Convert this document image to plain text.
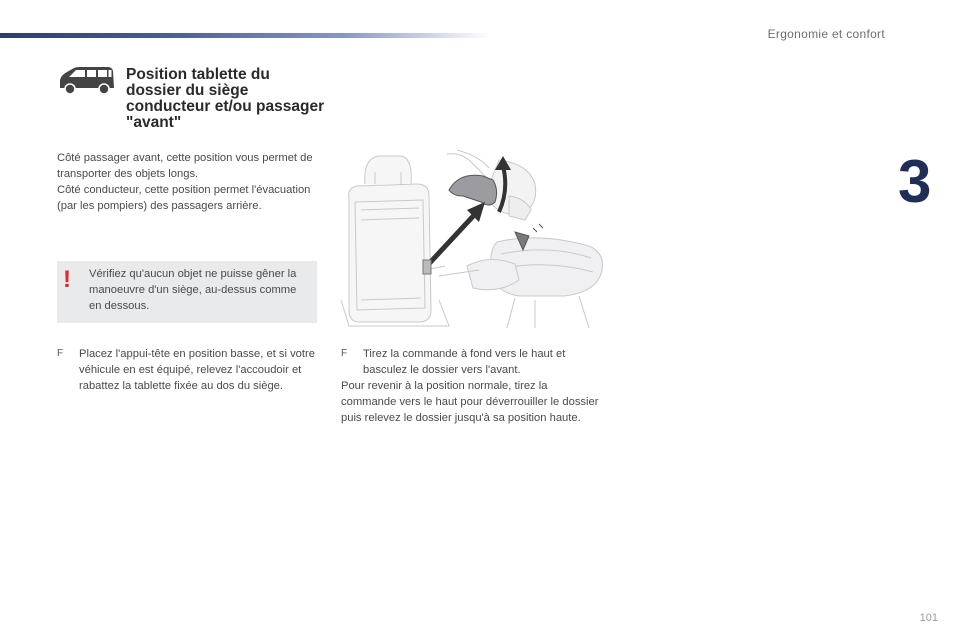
Ergonomie et confort
3
101
Position tablette du dossier du siège conducteur et/ou passager "avant"

Côté passager avant, cette position vous permet de transporter des objets longs.

Côté conducteur, cette position permet l'évacuation (par les pompiers) des passagers arrière.

! Vérifiez qu'aucun objet ne puisse gêner la manoeuvre d'un siège, au-dessus comme en dessous.
F	Placez l'appui-tête en position basse, et si votre véhicule en est équipé, relevez l'accoudoir et rabattez la tablette fixée au dos du siège.
F	Tirez la commande à fond vers le haut et basculez le dossier vers l'avant.
Pour revenir à la position normale, tirez la commande vers le haut pour déverrouiller le dossier puis relevez le dossier jusqu'à sa position haute.
